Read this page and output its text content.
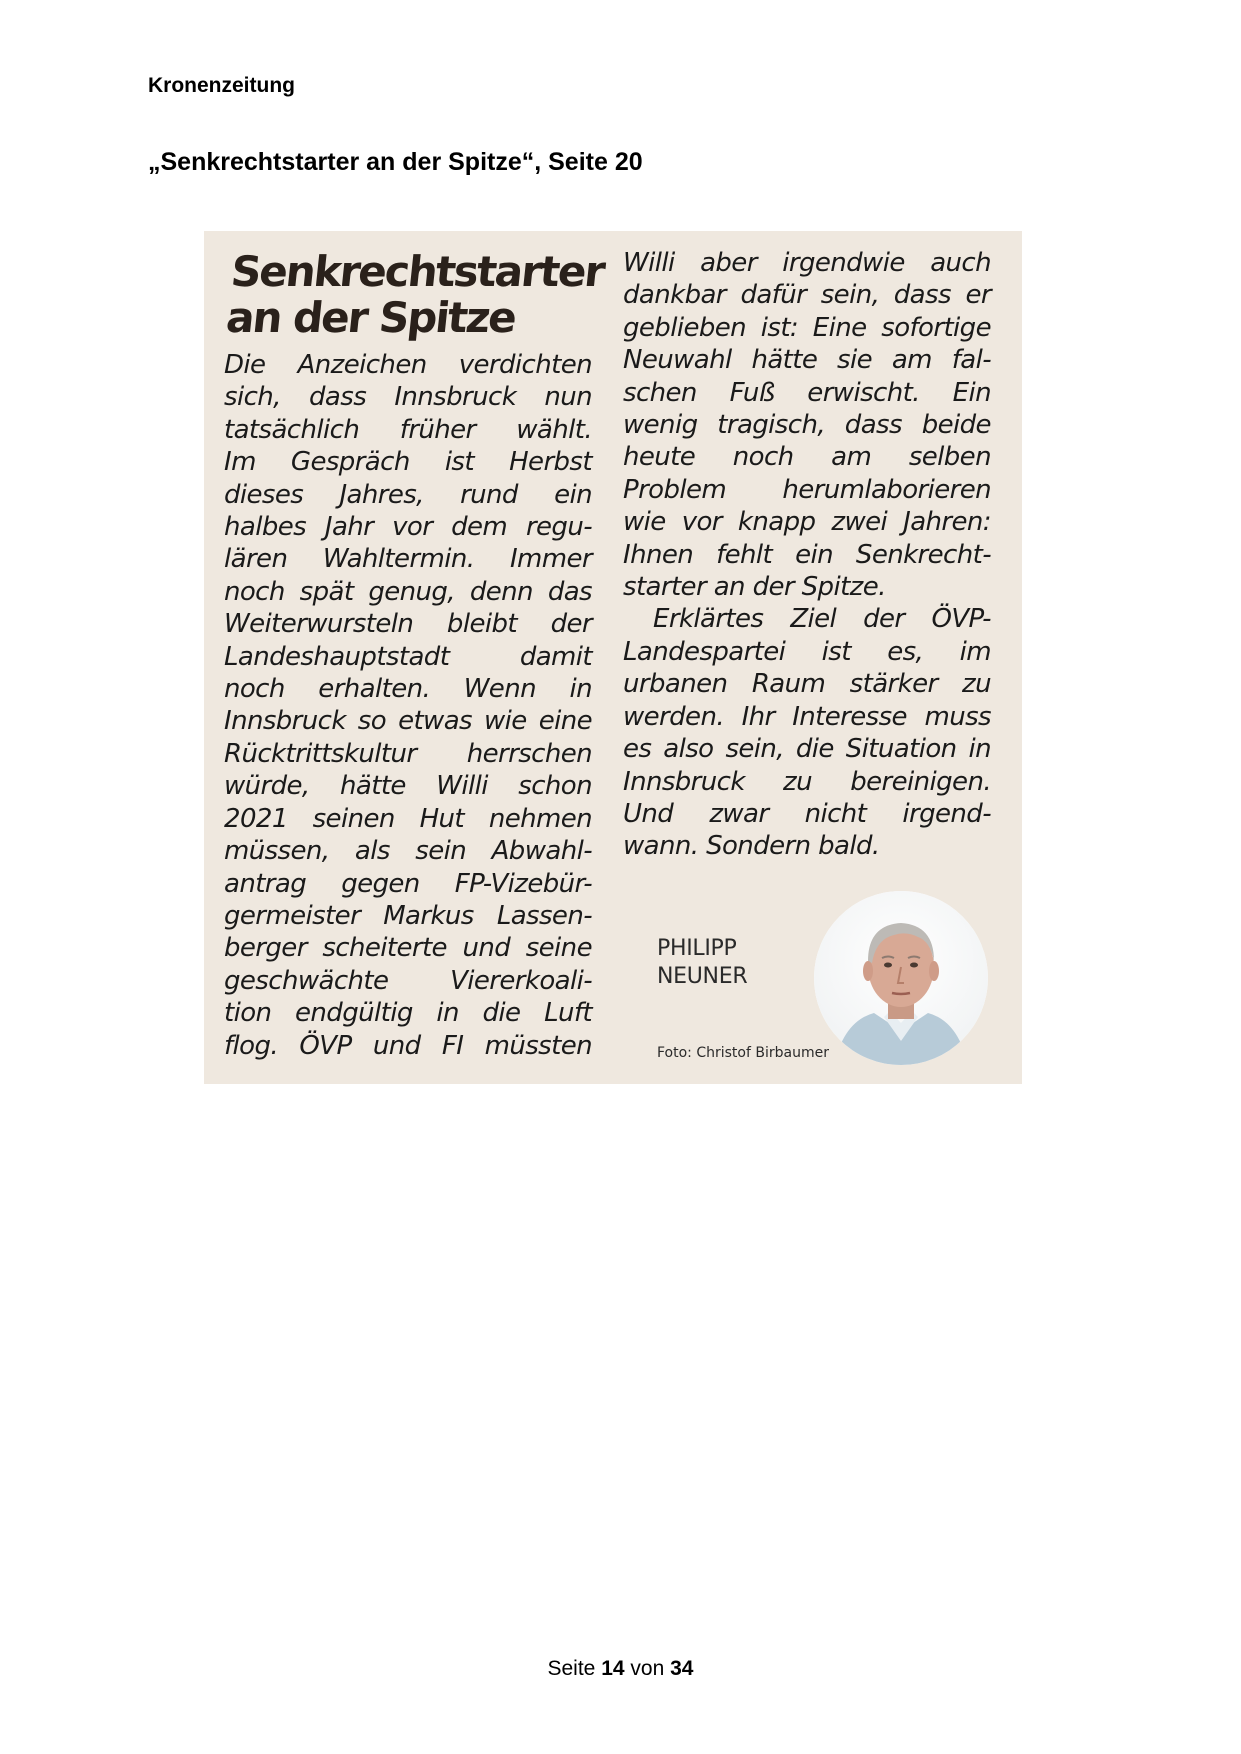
Kronenzeitung
„Senkrechtstarter an der Spitze“, Seite 20
Senkrechtstarter
an der Spitze
Die Anzeichen verdichten
sich, dass Innsbruck nun
tatsächlich früher wählt.
Im Gespräch ist Herbst
dieses Jahres, rund ein
halbes Jahr vor dem regu-
lären Wahltermin. Immer
noch spät genug, denn das
Weiterwursteln bleibt der
Landeshauptstadt	damit
noch erhalten. Wenn in
Innsbruck so etwas wie eine
Rücktrittskultur herrschen
würde, hätte Willi schon
2021 seinen Hut nehmen
müssen, als sein Abwahl-
antrag gegen FP-Vizebür-
germeister Markus Lassen-
berger scheiterte und seine
geschwächte Viererkoali-
tion endgültig in die Luft
flog. ÖVP und FI müssten
Willi aber irgendwie auch
dankbar dafür sein, dass er
geblieben ist: Eine sofortige
Neuwahl hätte sie am fal-
schen Fuß erwischt. Ein
wenig tragisch, dass beide
heute noch am selben
Problem herumlaborieren
wie vor knapp zwei Jahren:
Ihnen fehlt ein Senkrecht-
starter an der Spitze.
Erklärtes Ziel der ÖVP-
Landespartei ist es, im
urbanen Raum stärker zu
werden. Ihr Interesse muss
es also sein, die Situation in
Innsbruck zu bereinigen.
Und zwar nicht irgend-
wann. Sondern bald.
PHILIPP
NEUNER
Foto: Christof Birbaumer
Seite 14 von 34
